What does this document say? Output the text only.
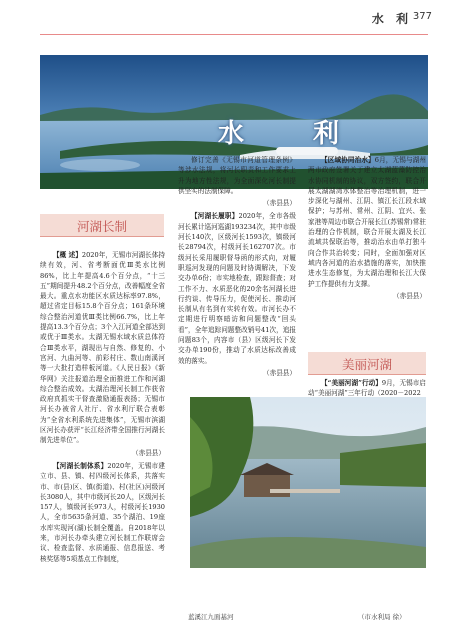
水 利 377
水 利
河湖长制

【概 述】2020年，无锡市河湖长体持续有效，河、省考断面优Ⅲ类水比例86%，比上年提高4.6个百分点，“十三五”期间提升48.2个百分点，改善幅度全省最大。重点水功能区水质达标率97.8%，超过省定目标15.8个百分点；161条环境综合整治河道优Ⅲ类比例66.7%，比上年提高13.3个百分点；3个入江河道全部达到或优于Ⅲ类水。太湖无锡水域水质总体符合Ⅲ类水平，湖现出与自然、修复的、小宫河、九曲河等、前彩村庄、数山南溪河等一大批打造样板河道。《人民日报》《新华网》关注报道治理全面推进工作和河湖综合整治成效。太湖治理河长制工作获省政府真抓实干督查激励通报表扬；无锡市河长办被省人社厅、省水利厅联合表彰为“全省水利系统先进集体”，无锡市滨湖区河长办获评“长江经济带全国推行河湖长制先进单位”。

（赤县县）

【河湖长制体系】2020年，无锡市建立市、县、镇、村四级河长体系，共落实市、市(县)区、镇(街道)、村(社区)河级河长3080人，其中市级河长20人，区级河长157人，镇级河长973人，村级河长1930人，全市5635条河道、35个湖泊、19座水库实现河(湖)长制全覆盖。自2018年以来，市河长办牵头建立河长制工作联席会议、检查监督、水质通报、信息报送、考核奖惩等5项基点工作制度，

修订完善《无锡市河道管理条例》等涉水法规，将河长职责和工作要求上升为地方性法规，为全面深化河长制提供坚实的法制保障。

（赤县县）

【河湖长履职】2020年，全市各级河长累计巡河巡湖193234次，其中市级河长140次，区级河长1593次，镇级河长28794次，村级河长162707次。市级河长采用履职督导函的形式向，对履职巡河发现的问题及时协调解决，下发交办单6份；市实地检查，跟踪督查；对工作不力、水质恶化的20余名河湖长进行约谈、传导压力，促使河长、推动河长制从有名到有实转有效。市河长办不定期进行明察暗访和问题整改“回头看”，全年追踪问题整改销号41次，追报问题83个，内容市（县）区级河长下发交办单190份，推动了水质达标改善成效的落实。

（赤县县）

【区域协同治水】6月，无锡与湖州两市政府签署关于建立太湖蓝藻防控治水协同机制的协议，双方签约，联合开展太湖湖湾水体整治等治理机制，进一步深化与湖州、江阴、镇江长江段水域保护；与苏州、常州、江阴、宜兴、张家港等周边市联合开展长江(苏锡常)常驻治理的合作机制，联合开展太湖及长江流域共保联治等，推动治水由单打独斗向合作共治转变；同时，全面加强对区域内各河道的治水措施的落实，加快推进水生态修复，为太湖治理和长江大保护工作提供有力支撑。

（赤县县）
美丽河湖

【“美丽河湖”行动】9月，无锡市启动“美丽河湖”三年行动（2020－2022

蓝溪江九面基河	（市水利局 徐）
